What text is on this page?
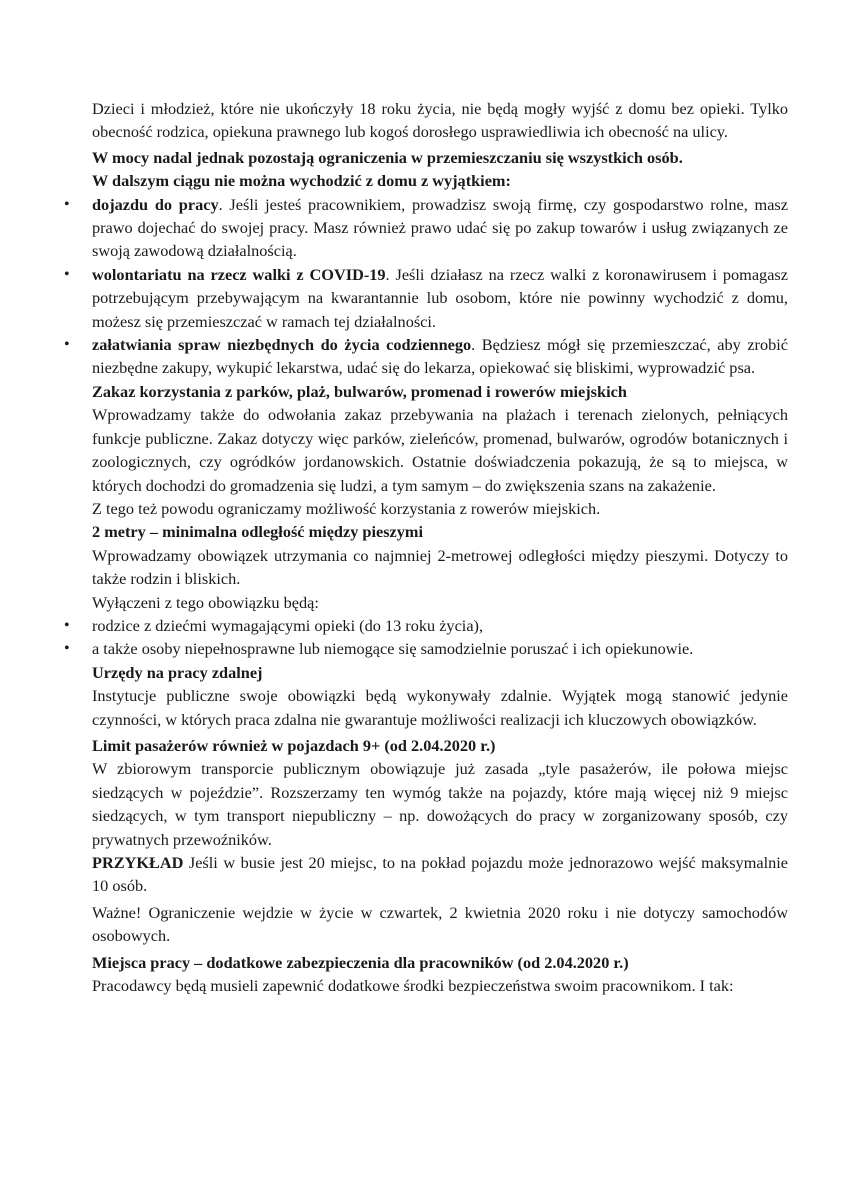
Dzieci i młodzież, które nie ukończyły 18 roku życia, nie będą mogły wyjść z domu bez opieki. Tylko obecność rodzica, opiekuna prawnego lub kogoś dorosłego usprawiedliwia ich obecność na ulicy.

W mocy nadal jednak pozostają ograniczenia w przemieszczaniu się wszystkich osób.

W dalszym ciągu nie można wychodzić z domu z wyjątkiem:

• dojazdu do pracy. Jeśli jesteś pracownikiem, prowadzisz swoją firmę, czy gospodarstwo rolne, masz prawo dojechać do swojej pracy. Masz również prawo udać się po zakup towarów i usług związanych ze swoją zawodową działalnością.
• wolontariatu na rzecz walki z COVID-19. Jeśli działasz na rzecz walki z koronawirusem i pomagasz potrzebującym przebywającym na kwarantannie lub osobom, które nie powinny wychodzić z domu, możesz się przemieszczać w ramach tej działalności.
• załatwiania spraw niezbędnych do życia codziennego. Będziesz mógł się przemieszczać, aby zrobić niezbędne zakupy, wykupić lekarstwa, udać się do lekarza, opiekować się bliskimi, wyprowadzić psa.

Zakaz korzystania z parków, plaż, bulwarów, promenad i rowerów miejskich

Wprowadzamy także do odwołania zakaz przebywania na plażach i terenach zielonych, pełniących funkcje publiczne. Zakaz dotyczy więc parków, zieleńców, promenad, bulwarów, ogrodów botanicznych i zoologicznych, czy ogródków jordanowskich. Ostatnie doświadczenia pokazują, że są to miejsca, w których dochodzi do gromadzenia się ludzi, a tym samym – do zwiększenia szans na zakażenie.

Z tego też powodu ograniczamy możliwość korzystania z rowerów miejskich.

2 metry – minimalna odległość między pieszymi

Wprowadzamy obowiązek utrzymania co najmniej 2-metrowej odległości między pieszymi. Dotyczy to także rodzin i bliskich.

Wyłączeni z tego obowiązku będą:

• rodzice z dziećmi wymagającymi opieki (do 13 roku życia),
• a także osoby niepełnosprawne lub niemogące się samodzielnie poruszać i ich opiekunowie.

Urzędy na pracy zdalnej

Instytucje publiczne swoje obowiązki będą wykonywały zdalnie. Wyjątek mogą stanowić jedynie czynności, w których praca zdalna nie gwarantuje możliwości realizacji ich kluczowych obowiązków.

Limit pasażerów również w pojazdach 9+ (od 2.04.2020 r.)

W zbiorowym transporcie publicznym obowiązuje już zasada „tyle pasażerów, ile połowa miejsc siedzących w pojeździe”. Rozszerzamy ten wymóg także na pojazdy, które mają więcej niż 9 miejsc siedzących, w tym transport niepubliczny – np. dowożących do pracy w zorganizowany sposób, czy prywatnych przewoźników.

PRZYKŁAD Jeśli w busie jest 20 miejsc, to na pokład pojazdu może jednorazowo wejść maksymalnie 10 osób.

Ważne! Ograniczenie wejdzie w życie w czwartek, 2 kwietnia 2020 roku i nie dotyczy samochodów osobowych.

Miejsca pracy – dodatkowe zabezpieczenia dla pracowników (od 2.04.2020 r.)

Pracodawcy będą musieli zapewnić dodatkowe środki bezpieczeństwa swoim pracownikom. I tak:
